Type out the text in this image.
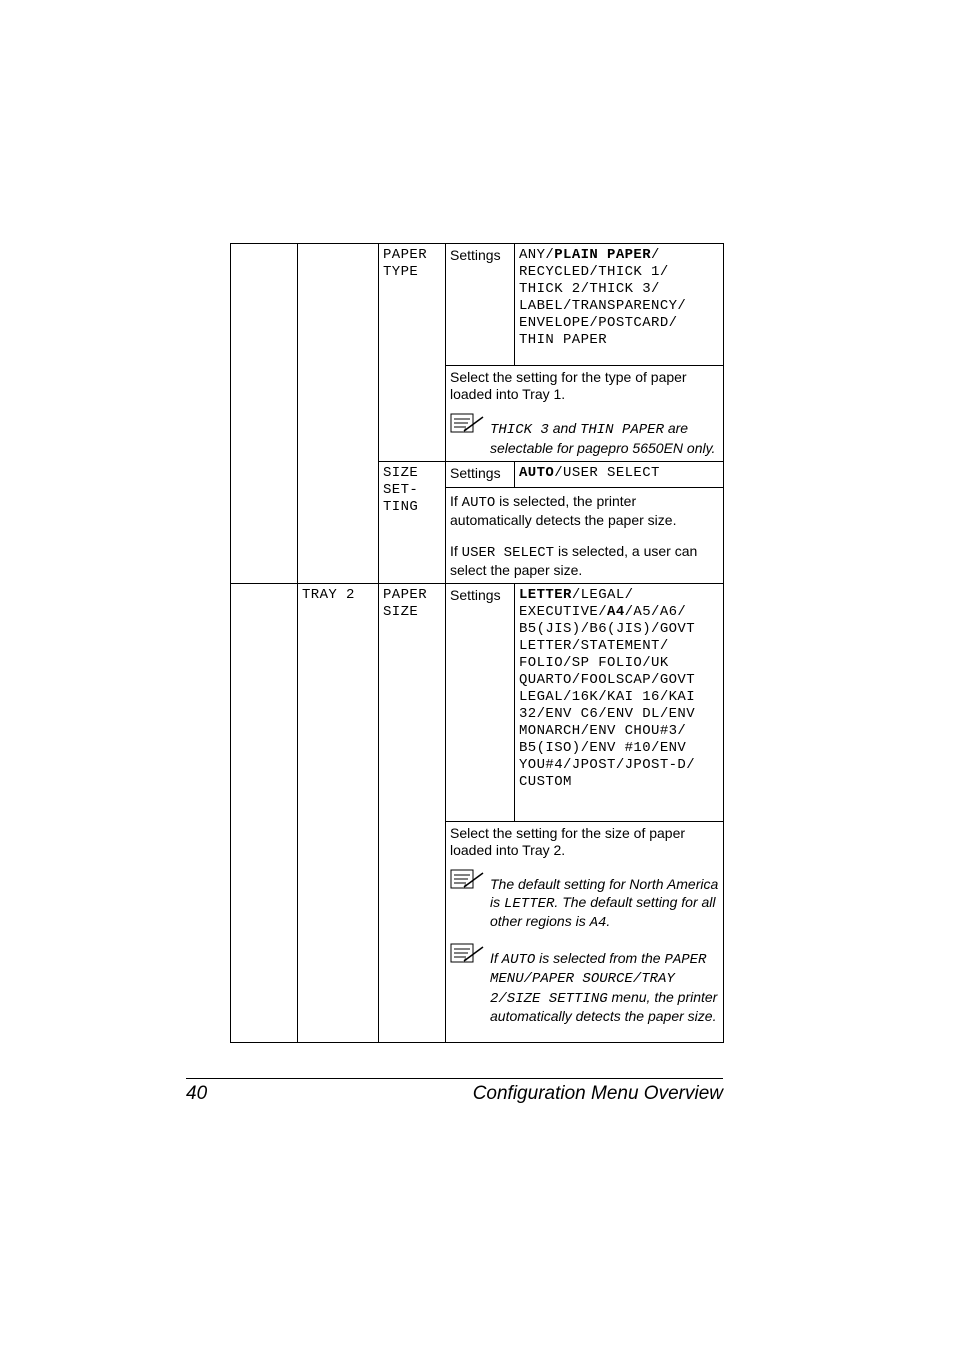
		PAPER TYPE	Settings	ANY/PLAIN PAPER/ RECYCLED/THICK 1/ THICK 2/THICK 3/ LABEL/TRANSPARENCY/ ENVELOPE/POSTCARD/ THIN PAPER

			Select the setting for the type of paper loaded into Tray 1.
THICK 3 and THIN PAPER are selectable for pagepro 5650EN only.	

		SIZE SET- TING	Settings	AUTO/USER SELECT

			If AUTO is selected, the printer automatically detects the paper size.
If USER SELECT is selected, a user can select the paper size.	

	TRAY 2	PAPER SIZE	Settings	LETTER/LEGAL/ EXECUTIVE/A4/A5/A6/ B5(JIS)/B6(JIS)/GOVT LETTER/STATEMENT/ FOLIO/SP FOLIO/UK QUARTO/FOOLSCAP/GOVT LEGAL/16K/KAI 16/KAI 32/ENV C6/ENV DL/ENV MONARCH/ENV CHOU#3/ B5(ISO)/ENV #10/ENV YOU#4/JPOST/JPOST-D/ CUSTOM

			Select the setting for the size of paper loaded into Tray 2.
The default setting for North America is LETTER. The default setting for all other regions is A4.
If AUTO is selected from the PAPER MENU/PAPER SOURCE/TRAY 2/SIZE SETTING menu, the printer automatically detects the paper size.	
40	Configuration Menu Overview
